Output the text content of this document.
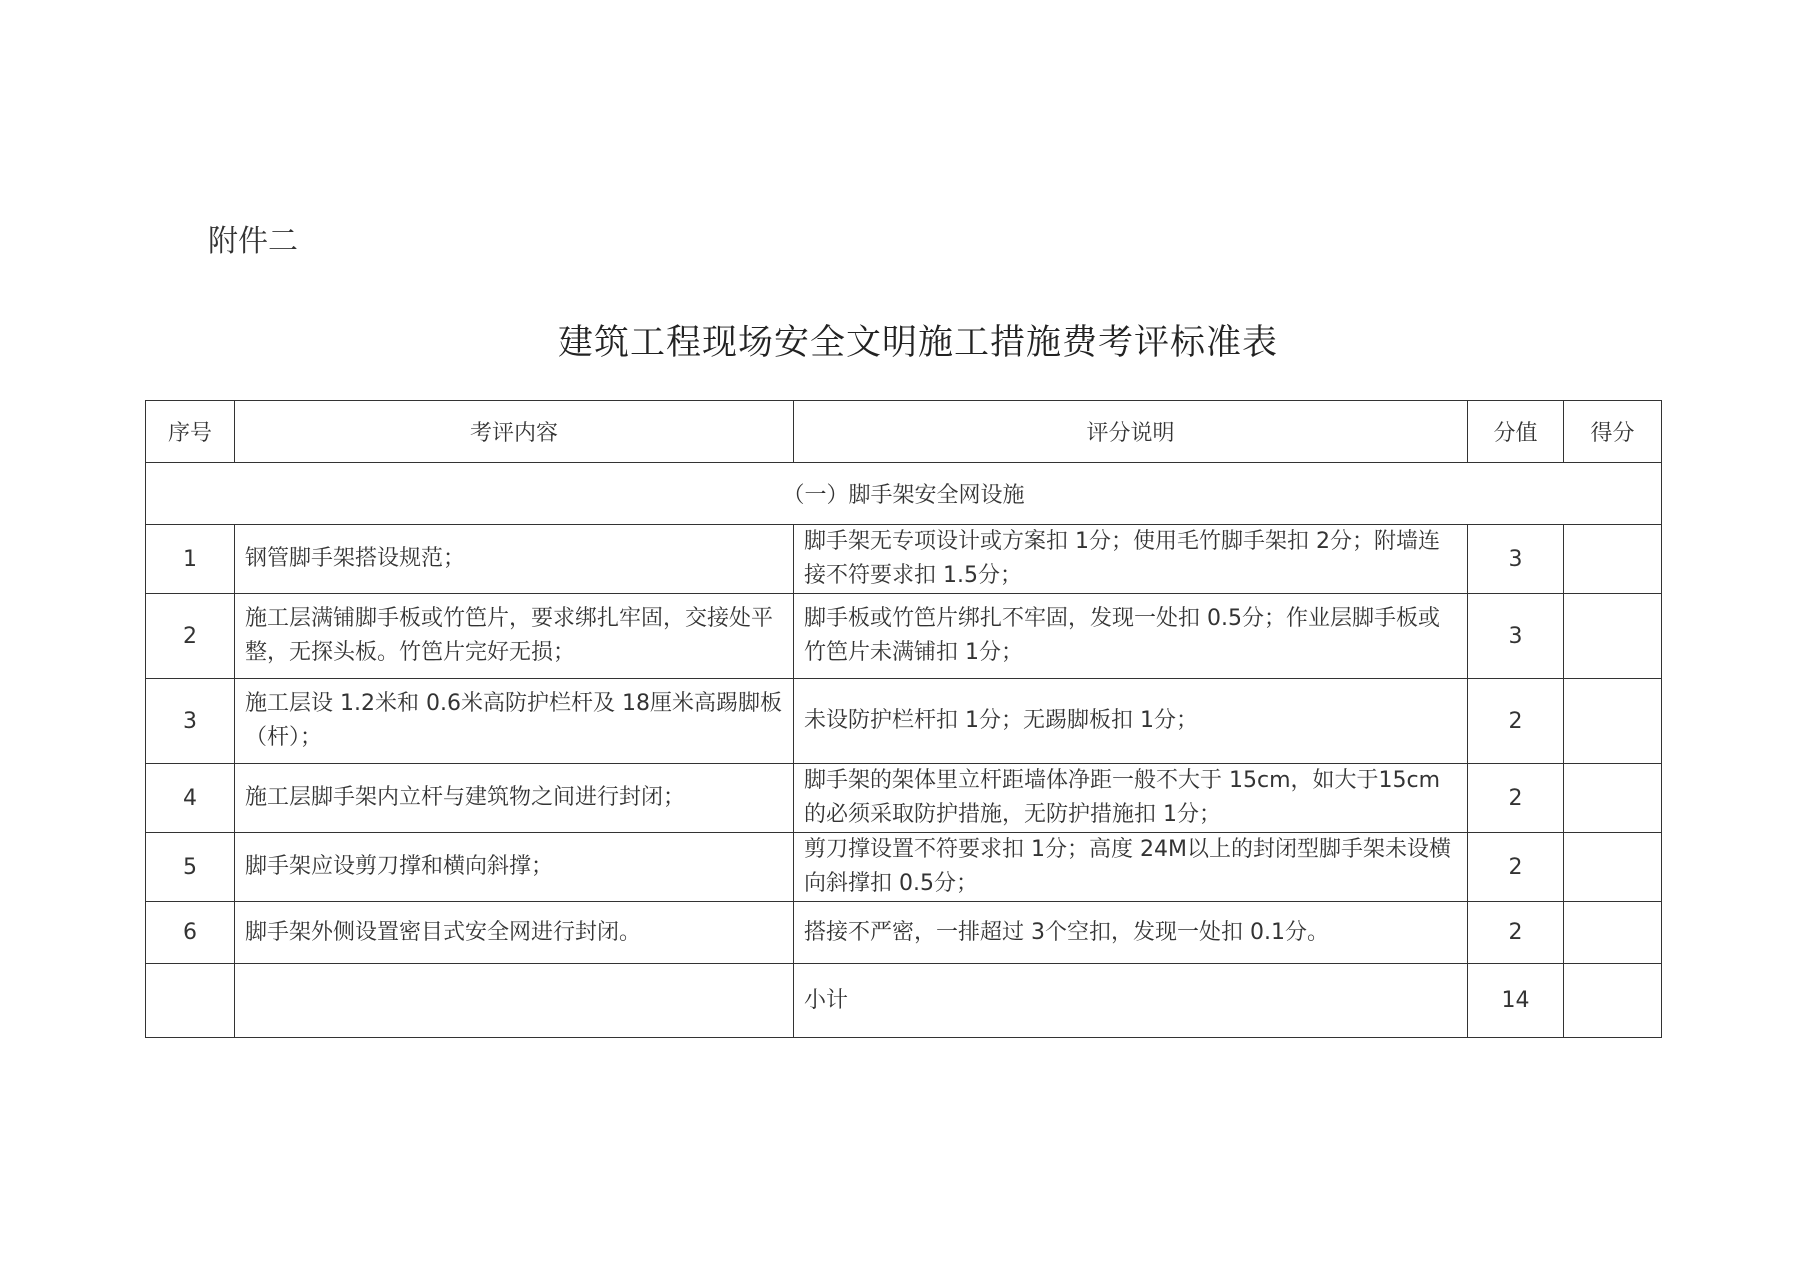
附件二
建筑工程现场安全文明施工措施费考评标准表
序号	考评内容	评分说明	分值	得分
（一）脚手架安全网设施				
1	钢管脚手架搭设规范；	脚手架无专项设计或方案扣 1分；使用毛竹脚手架扣 2分；附墙连接不符要求扣 1.5分；	3	
2	施工层满铺脚手板或竹笆片，要求绑扎牢固，交接处平整，无探头板。竹笆片完好无损；	脚手板或竹笆片绑扎不牢固，发现一处扣 0.5分；作业层脚手板或竹笆片未满铺扣 1分；	3	
3	施工层设 1.2米和 0.6米高防护栏杆及 18厘米高踢脚板（杆）；	未设防护栏杆扣 1分；无踢脚板扣 1分；	2	
4	施工层脚手架内立杆与建筑物之间进行封闭；	脚手架的架体里立杆距墙体净距一般不大于 15cm，如大于15cm的必须采取防护措施，无防护措施扣 1分；	2	
5	脚手架应设剪刀撑和横向斜撑；	剪刀撑设置不符要求扣 1分；高度 24M以上的封闭型脚手架未设横向斜撑扣 0.5分；	2	
6	脚手架外侧设置密目式安全网进行封闭。	搭接不严密，一排超过 3个空扣，发现一处扣 0.1分。	2	
		小计	14	
